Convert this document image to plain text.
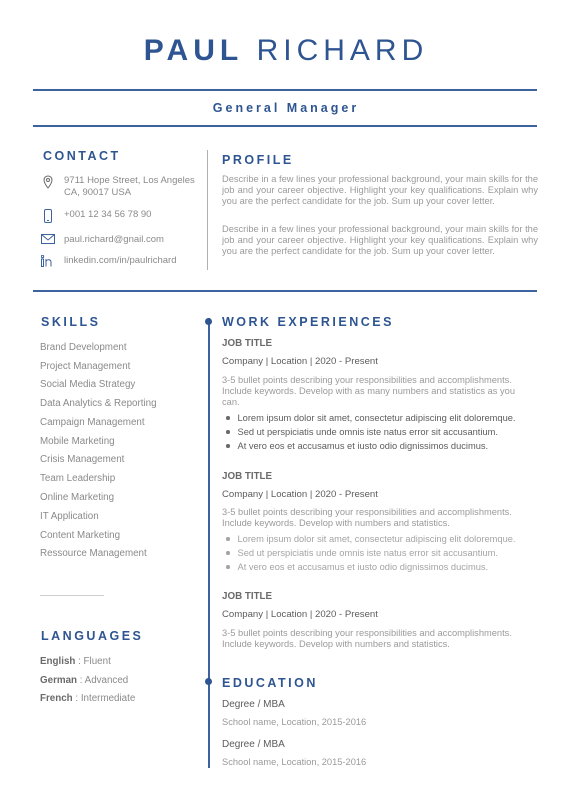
PAUL RICHARD
General Manager
CONTACT
9711 Hope Street, Los Angeles
CA, 90017 USA
+001 12 34 56 78 90
paul.richard@gnail.com
linkedin.com/in/paulrichard
PROFILE
Describe in a few lines your professional background, your main skills for the job and your career objective. Highlight your key qualifications. Explain why you are the perfect candidate for the job. Sum up your cover letter.
Describe in a few lines your professional background, your main skills for the job and your career objective. Highlight your key qualifications. Explain why you are the perfect candidate for the job. Sum up your cover letter.
SKILLS
Brand Development
Project Management
Social Media Strategy
Data Analytics & Reporting
Campaign Management
Mobile Marketing
Crisis Management
Team Leadership
Online Marketing
IT Application
Content Marketing
Ressource Management
LANGUAGES
English : Fluent
German : Advanced
French : Intermediate
WORK EXPERIENCES
JOB TITLE
Company | Location | 2020 - Present
3-5 bullet points describing your responsibilities and accomplishments.
Include keywords. Develop with as many numbers and statistics as you can.
Lorem ipsum dolor sit amet, consectetur adipiscing elit doloremque.
Sed ut perspiciatis unde omnis iste natus error sit accusantium.
At vero eos et accusamus et iusto odio dignissimos ducimus.
JOB TITLE
Company | Location | 2020 - Present
3-5 bullet points describing your responsibilities and accomplishments.
Include keywords. Develop with numbers and statistics.
Lorem ipsum dolor sit amet, consectetur adipiscing elit doloremque.
Sed ut perspiciatis unde omnis iste natus error sit accusantium.
At vero eos et accusamus et iusto odio dignissimos ducimus.
JOB TITLE
Company | Location | 2020 - Present
3-5 bullet points describing your responsibilities and accomplishments.
Include keywords. Develop with numbers and statistics.
EDUCATION
Degree / MBA
School name, Location, 2015-2016
Degree / MBA
School name, Location, 2015-2016
